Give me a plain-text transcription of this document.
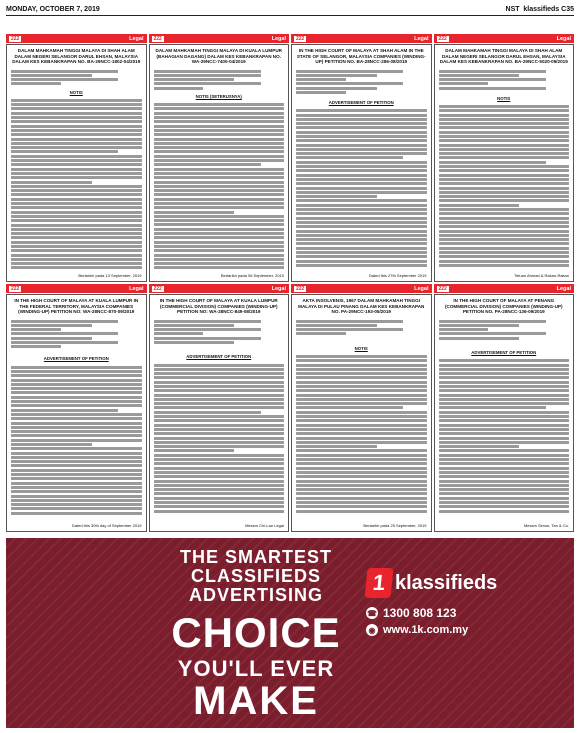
MONDAY, OCTOBER 7, 2019	NST  klassifieds C35
222	Legal	222	Legal	222	Legal	222	Legal
DALAM MAHKAMAH TINGGI MALAYA DI SHAH ALAM DALAM NEGERI SELANGOR DARUL EHSAN, MALAYSIA DALAM KES KEBANKRAPAN NO. BA-29NCC-1802-04/2019
NOTIS
Bertarikh pada 13 September, 2019
DALAM MAHKAMAH TINGGI MALAYA DI KUALA LUMPUR (BAHAGIAN DAGANG) DALAM KES KEBANKRAPAN NO. WA-29NCC-7400-04/2019
NOTIS (SETERUSNYA)
Bertarikh pada 06 September, 2019
IN THE HIGH COURT OF MALAYA AT SHAH ALAM IN THE STATE OF SELANGOR, MALAYSIA COMPANIES (WINDING-UP) PETITION NO. BA-28NCC-286-08/2019
ADVERTISEMENT OF PETITION
Dated this 27th September 2019
DALAM MAHKAMAH TINGGI MALAYA DI SHAH ALAM DALAM NEGERI SELANGOR DARUL EHSAN, MALAYSIA DALAM KES KEBANKRAPAN NO. BA-29NCC-5020-09/2019
NOTIS
Tetuan Ahmad & Rakan-Rakan
222	Legal	222	Legal	222	Legal	222	Legal
IN THE HIGH COURT OF MALAYA AT KUALA LUMPUR IN THE FEDERAL TERRITORY, MALAYSIA COMPANIES (WINDING-UP) PETITION NO: WA-28NCC-870-09/2019
ADVERTISEMENT OF PETITION
Dated this 30th day of September 2019
IN THE HIGH COURT OF MALAYA AT KUALA LUMPUR (COMMERCIAL DIVISION) COMPANIES (WINDING-UP) PETITION NO: WA-28NCC-849-08/2019
ADVERTISEMENT OF PETITION
Messrs Chi-Lan Legal
AKTA INSOLVENSI, 1967 DALAM MAHKAMAH TINGGI MALAYA DI PULAU PINANG DALAM KES KEBANKRAPAN NO. PA-29NCC-193-05/2019
NOTIS
Bertarikh pada 25 September, 2019
IN THE HIGH COURT OF MALAYA AT PENANG (COMMERCIAL DIVISION) COMPANIES (WINDING-UP) PETITION NO. PA-28NCC-136-09/2019
ADVERTISEMENT OF PETITION
Messrs Simon, Tan & Co.
THE SMARTEST
CLASSIFIEDS
ADVERTISING
CHOICE
YOU'LL EVER
MAKE
1 klassifieds
☎ 1300 808 123
◉ www.1k.com.my
